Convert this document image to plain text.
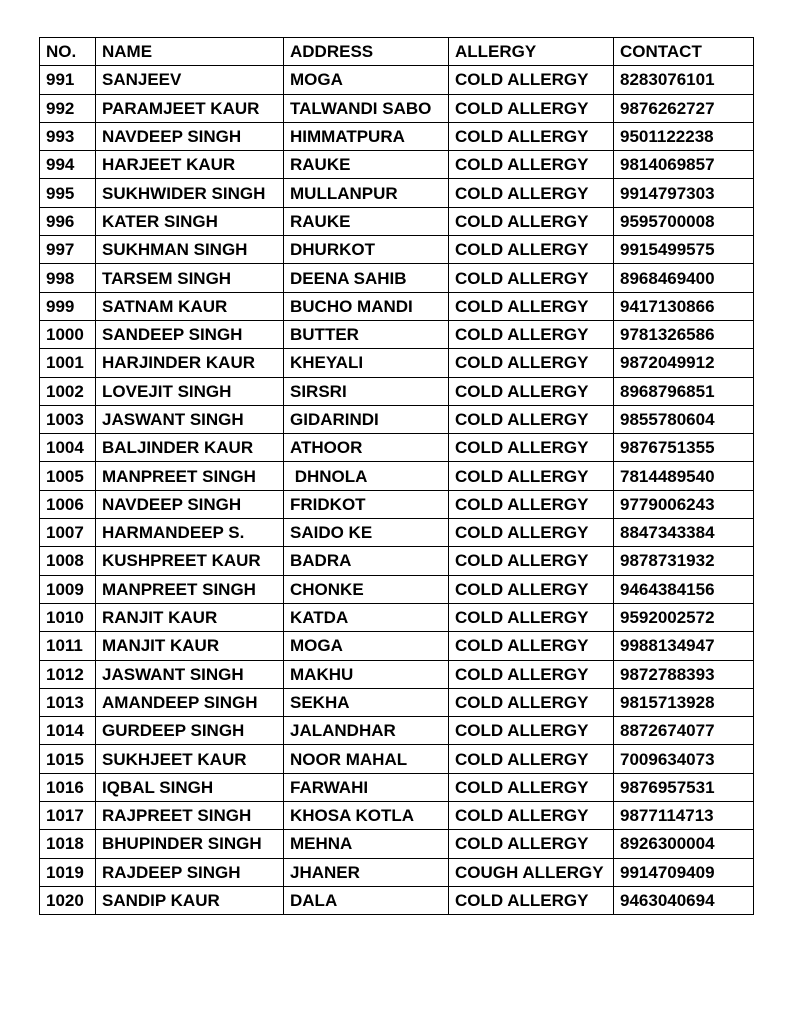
NO.	NAME	ADDRESS	ALLERGY	CONTACT
991	SANJEEV	MOGA	COLD ALLERGY	8283076101
992	PARAMJEET KAUR	TALWANDI SABO	COLD ALLERGY	9876262727
993	NAVDEEP SINGH	HIMMATPURA	COLD ALLERGY	9501122238
994	HARJEET KAUR	RAUKE	COLD ALLERGY	9814069857
995	SUKHWIDER SINGH	MULLANPUR	COLD ALLERGY	9914797303
996	KATER SINGH	RAUKE	COLD ALLERGY	9595700008
997	SUKHMAN SINGH	DHURKOT	COLD ALLERGY	9915499575
998	TARSEM SINGH	DEENA SAHIB	COLD ALLERGY	8968469400
999	SATNAM KAUR	BUCHO MANDI	COLD ALLERGY	9417130866
1000	SANDEEP SINGH	BUTTER	COLD ALLERGY	9781326586
1001	HARJINDER KAUR	KHEYALI	COLD ALLERGY	9872049912
1002	LOVEJIT SINGH	SIRSRI	COLD ALLERGY	8968796851
1003	JASWANT SINGH	GIDARINDI	COLD ALLERGY	9855780604
1004	BALJINDER KAUR	ATHOOR	COLD ALLERGY	9876751355
1005	MANPREET SINGH	DHNOLA	COLD ALLERGY	7814489540
1006	NAVDEEP SINGH	FRIDKOT	COLD ALLERGY	9779006243
1007	HARMANDEEP S.	SAIDO KE	COLD ALLERGY	8847343384
1008	KUSHPREET KAUR	BADRA	COLD ALLERGY	9878731932
1009	MANPREET SINGH	CHONKE	COLD ALLERGY	9464384156
1010	RANJIT KAUR	KATDA	COLD ALLERGY	9592002572
1011	MANJIT KAUR	MOGA	COLD ALLERGY	9988134947
1012	JASWANT SINGH	MAKHU	COLD ALLERGY	9872788393
1013	AMANDEEP SINGH	SEKHA	COLD ALLERGY	9815713928
1014	GURDEEP SINGH	JALANDHAR	COLD ALLERGY	8872674077
1015	SUKHJEET KAUR	NOOR MAHAL	COLD ALLERGY	7009634073
1016	IQBAL SINGH	FARWAHI	COLD ALLERGY	9876957531
1017	RAJPREET SINGH	KHOSA KOTLA	COLD ALLERGY	9877114713
1018	BHUPINDER SINGH	MEHNA	COLD ALLERGY	8926300004
1019	RAJDEEP SINGH	JHANER	COUGH ALLERGY	9914709409
1020	SANDIP KAUR	DALA	COLD ALLERGY	9463040694
